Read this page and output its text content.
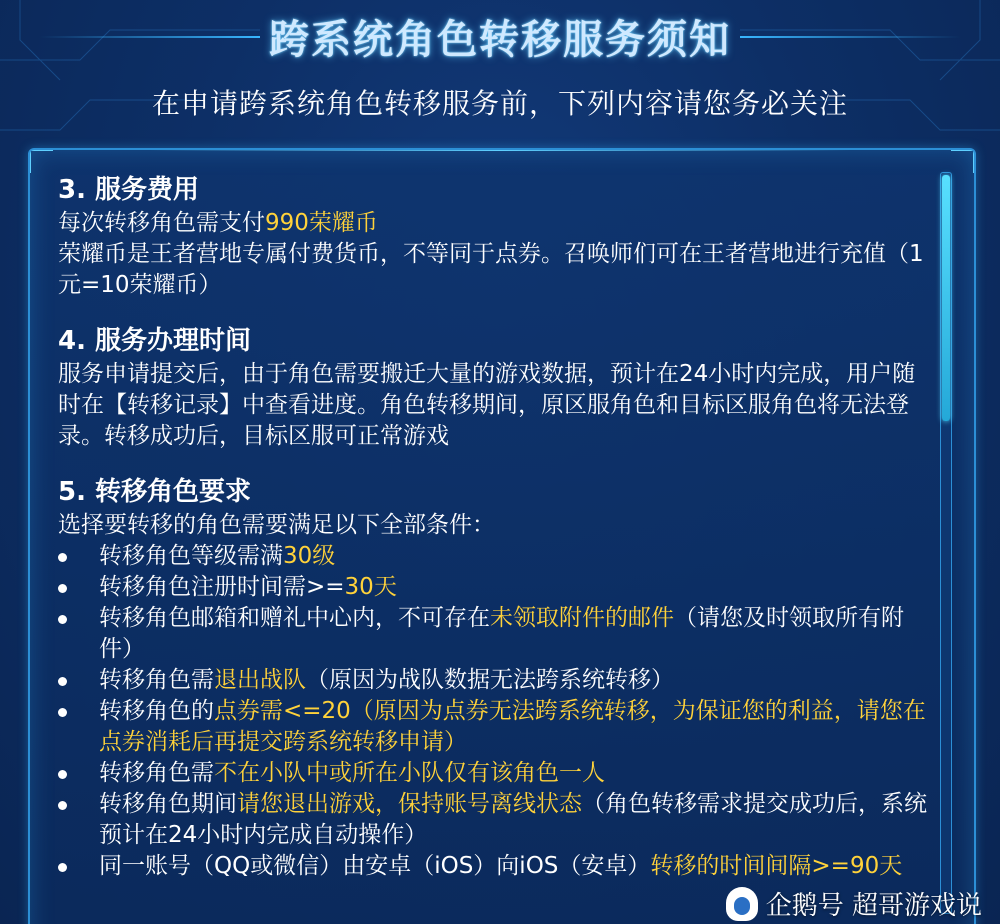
跨系统角色转移服务须知
在申请跨系统角色转移服务前，下列内容请您务必关注
3. 服务费用
每次转移角色需支付990荣耀币
荣耀币是王者营地专属付费货币，不等同于点券。召唤师们可在王者营地进行充值（1元=10荣耀币）
4. 服务办理时间
服务申请提交后，由于角色需要搬迁大量的游戏数据，预计在24小时内完成，用户随时在【转移记录】中查看进度。角色转移期间，原区服角色和目标区服角色将无法登录。转移成功后，目标区服可正常游戏
5. 转移角色要求
选择要转移的角色需要满足以下全部条件：
转移角色等级需满30级
转移角色注册时间需>=30天
转移角色邮箱和赠礼中心内，不可存在未领取附件的邮件（请您及时领取所有附件）
转移角色需退出战队（原因为战队数据无法跨系统转移）
转移角色的点券需<=20（原因为点券无法跨系统转移，为保证您的利益，请您在点券消耗后再提交跨系统转移申请）
转移角色需不在小队中或所在小队仅有该角色一人
转移角色期间请您退出游戏，保持账号离线状态（角色转移需求提交成功后，系统预计在24小时内完成自动操作）
同一账号（QQ或微信）由安卓（iOS）向iOS（安卓）转移的时间间隔>=90天
企鹅号 超哥游戏说
